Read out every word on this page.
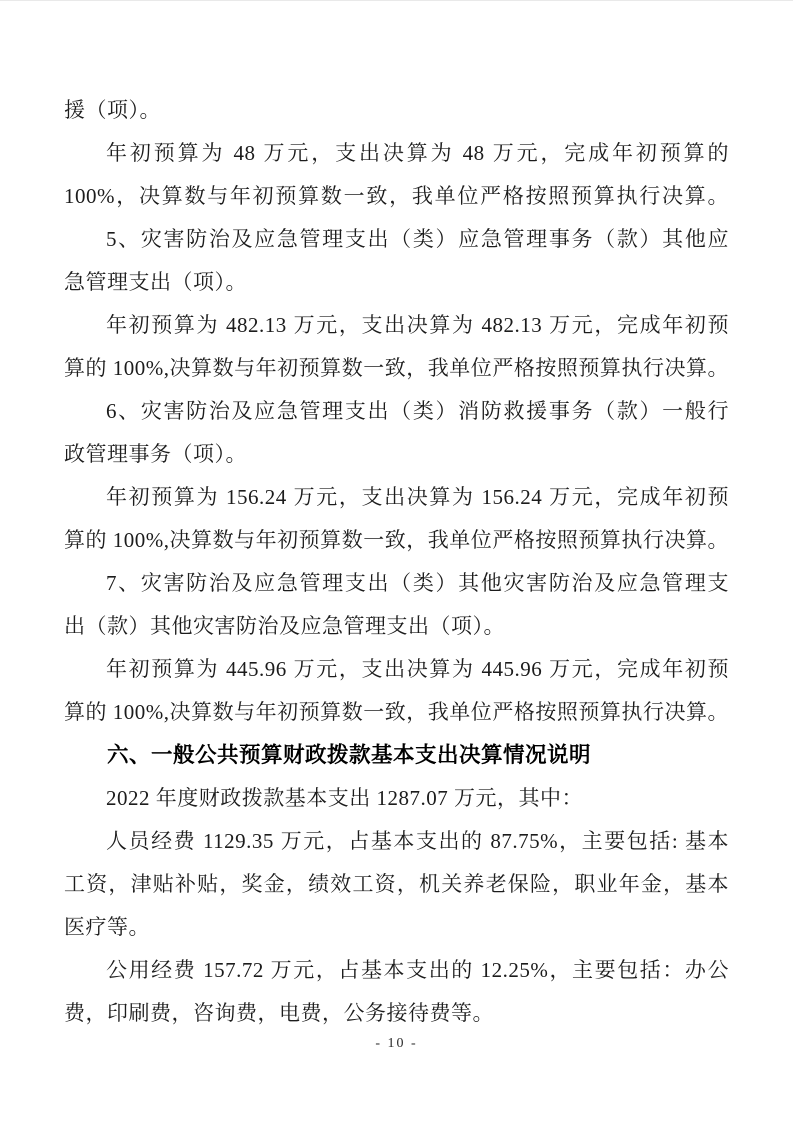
援（项）。
年初预算为 48 万元，支出决算为 48 万元，完成年初预算的
100%，决算数与年初预算数一致，我单位严格按照预算执行决算。
5、灾害防治及应急管理支出（类）应急管理事务（款）其他应
急管理支出（项）。
年初预算为 482.13 万元，支出决算为 482.13 万元，完成年初预
算的 100%,决算数与年初预算数一致，我单位严格按照预算执行决算。
6、灾害防治及应急管理支出（类）消防救援事务（款）一般行
政管理事务（项）。
年初预算为 156.24 万元，支出决算为 156.24 万元，完成年初预
算的 100%,决算数与年初预算数一致，我单位严格按照预算执行决算。
7、灾害防治及应急管理支出（类）其他灾害防治及应急管理支
出（款）其他灾害防治及应急管理支出（项）。
年初预算为 445.96 万元，支出决算为 445.96 万元，完成年初预
算的 100%,决算数与年初预算数一致，我单位严格按照预算执行决算。
六、一般公共预算财政拨款基本支出决算情况说明
2022 年度财政拨款基本支出 1287.07 万元，其中：
人员经费 1129.35 万元，占基本支出的 87.75%，主要包括: 基本
工资，津贴补贴，奖金，绩效工资，机关养老保险，职业年金，基本
医疗等。
公用经费 157.72 万元，占基本支出的 12.25%，主要包括：办公
费，印刷费，咨询费，电费，公务接待费等。
- 10 -
